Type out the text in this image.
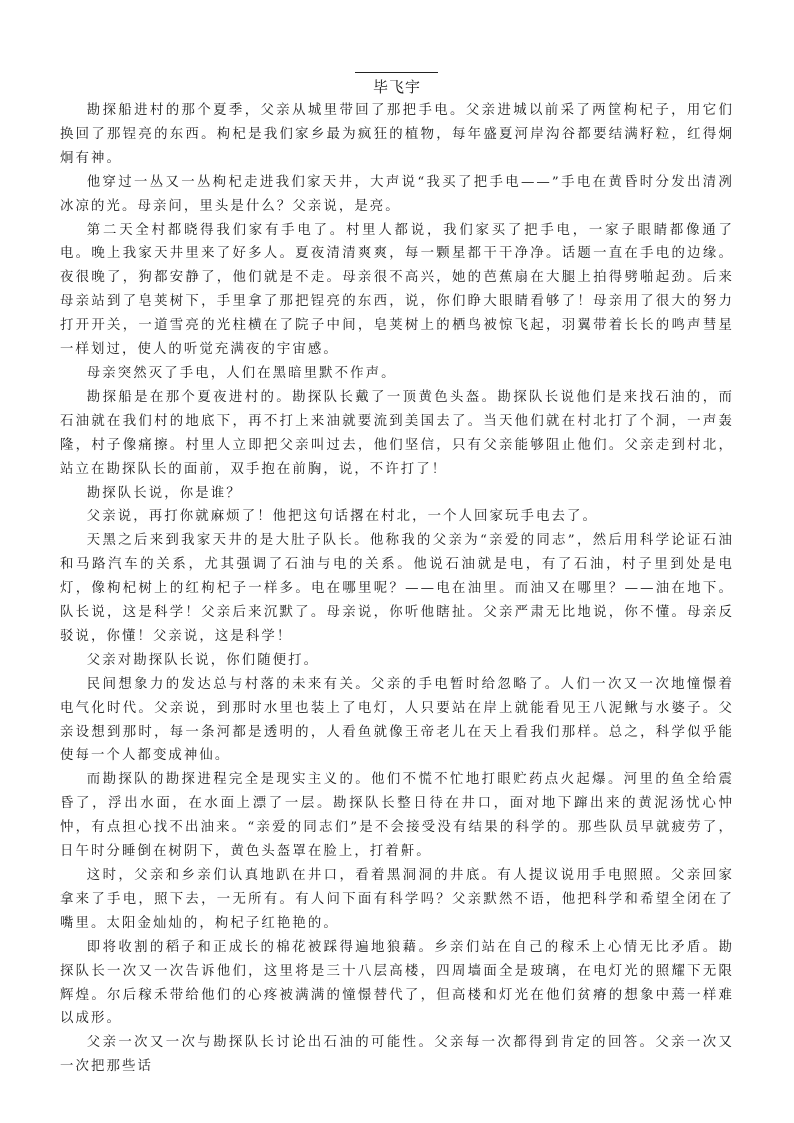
毕飞宇

勘探船进村的那个夏季，父亲从城里带回了那把手电。父亲进城以前采了两筐枸杞子，用它们换回了那锃亮的东西。枸杞是我们家乡最为疯狂的植物，每年盛夏河岸沟谷都要结满籽粒，红得炯炯有神。

他穿过一丛又一丛枸杞走进我们家天井，大声说“我买了把手电——”手电在黄昏时分发出清冽冰凉的光。母亲问，里头是什么？父亲说，是亮。

第二天全村都晓得我们家有手电了。村里人都说，我们家买了把手电，一家子眼睛都像通了电。晚上我家天井里来了好多人。夏夜清清爽爽，每一颗星都干干净净。话题一直在手电的边缘。夜很晚了，狗都安静了，他们就是不走。母亲很不高兴，她的芭蕉扇在大腿上拍得劈啪起劲。后来母亲站到了皂荚树下，手里拿了那把锃亮的东西，说，你们睁大眼睛看够了！母亲用了很大的努力打开开关，一道雪亮的光柱横在了院子中间，皂荚树上的栖鸟被惊飞起，羽翼带着长长的鸣声彗星一样划过，使人的听觉充满夜的宇宙感。

母亲突然灭了手电，人们在黑暗里默不作声。

勘探船是在那个夏夜进村的。勘探队长戴了一顶黄色头盔。勘探队长说他们是来找石油的，而石油就在我们村的地底下，再不打上来油就要流到美国去了。当天他们就在村北打了个洞，一声轰隆，村子像痛擦。村里人立即把父亲叫过去，他们坚信，只有父亲能够阻止他们。父亲走到村北，站立在勘探队长的面前，双手抱在前胸，说，不许打了！

勘探队长说，你是谁？

父亲说，再打你就麻烦了！他把这句话撂在村北，一个人回家玩手电去了。

天黑之后来到我家天井的是大肚子队长。他称我的父亲为“亲爱的同志”，然后用科学论证石油和马路汽车的关系，尤其强调了石油与电的关系。他说石油就是电，有了石油，村子里到处是电灯，像枸杞树上的红枸杞子一样多。电在哪里呢？——电在油里。而油又在哪里？——油在地下。队长说，这是科学！父亲后来沉默了。母亲说，你听他瞎扯。父亲严肃无比地说，你不懂。母亲反驳说，你懂！父亲说，这是科学！

父亲对勘探队长说，你们随便打。

民间想象力的发达总与村落的未来有关。父亲的手电暂时给忽略了。人们一次又一次地憧憬着电气化时代。父亲说，到那时水里也装上了电灯，人只要站在岸上就能看见王八泥鳅与水婆子。父亲设想到那时，每一条河都是透明的，人看鱼就像王帝老儿在天上看我们那样。总之，科学似乎能使每一个人都变成神仙。

而勘探队的勘探进程完全是现实主义的。他们不慌不忙地打眼贮药点火起爆。河里的鱼全给震昏了，浮出水面，在水面上漂了一层。勘探队长整日待在井口，面对地下蹿出来的黄泥汤忧心忡忡，有点担心找不出油来。“亲爱的同志们”是不会接受没有结果的科学的。那些队员早就疲劳了，日午时分睡倒在树阴下，黄色头盔罩在脸上，打着鼾。

这时，父亲和乡亲们认真地趴在井口，看着黑洞洞的井底。有人提议说用手电照照。父亲回家拿来了手电，照下去，一无所有。有人问下面有科学吗？父亲默然不语，他把科学和希望全闭在了嘴里。太阳金灿灿的，枸杞子红艳艳的。

即将收割的稻子和正成长的棉花被踩得遍地狼藉。乡亲们站在自己的稼禾上心情无比矛盾。勘探队长一次又一次告诉他们，这里将是三十八层高楼，四周墙面全是玻璃，在电灯光的照耀下无限辉煌。尔后稼禾带给他们的心疼被满满的憧憬替代了，但高楼和灯光在他们贫瘠的想象中蔫一样难以成形。

父亲一次又一次与勘探队长讨论出石油的可能性。父亲每一次都得到肯定的回答。父亲一次又一次把那些话
